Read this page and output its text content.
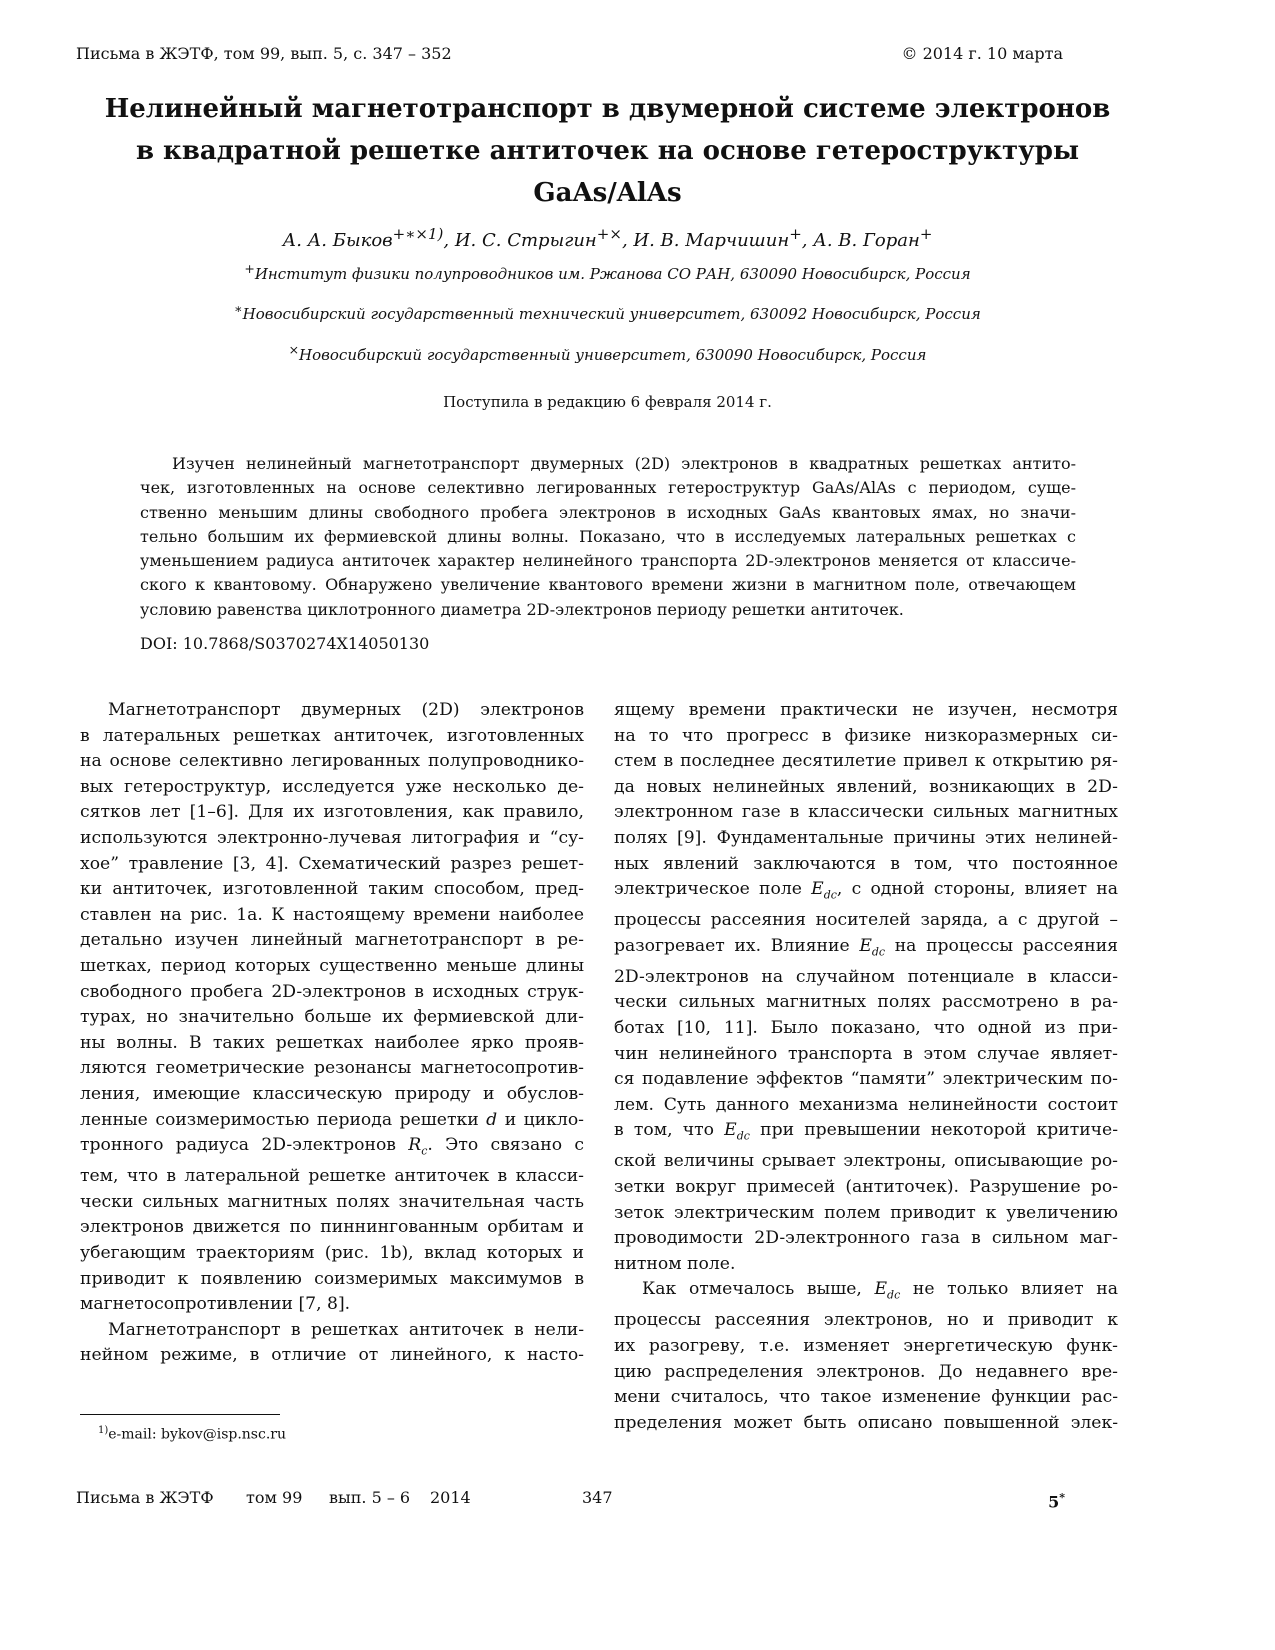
Письма в ЖЭТФ, том 99, вып. 5, с. 347 – 352	© 2014 г. 10 марта
Нелинейный магнетотранспорт в двумерной системе электронов
в квадратной решетке антиточек на основе гетероструктуры
GaAs/AlAs
А. А. Быков$^{+∗\times 1)}$, И. С. Стрыгин+×, И. В. Марчишин+, А. В. Горан+
+Институт физики полупроводников им. Ржанова СО РАН, 630090 Новосибирск, Россия
∗Новосибирский государственный технический университет, 630092 Новосибирск, Россия
×Новосибирский государственный университет, 630090 Новосибирск, Россия
Поступила в редакцию 6 февраля 2014 г.
Изучен нелинейный магнетотранспорт двумерных (2D) электронов в квадратных решетках антито-
чек, изготовленных на основе селективно легированных гетероструктур GaAs/AlAs с периодом, суще-
ственно меньшим длины свободного пробега электронов в исходных GaAs квантовых ямах, но значи-
тельно большим их фермиевской длины волны. Показано, что в исследуемых латеральных решетках с
уменьшением радиуса антиточек характер нелинейного транспорта 2D-электронов меняется от классиче-
ского к квантовому. Обнаружено увеличение квантового времени жизни в магнитном поле, отвечающем
условию равенства циклотронного диаметра 2D-электронов периоду решетки антиточек.
DOI: 10.7868/S0370274X14050130
Магнетотранспорт двумерных (2D) электронов
в латеральных решетках антиточек, изготовленных
на основе селективно легированных полупроводнико-
вых гетероструктур, исследуется уже несколько де-
сятков лет [1–6]. Для их изготовления, как правило,
используются электронно-лучевая литография и “су-
хое” травление [3, 4]. Схематический разрез решет-
ки антиточек, изготовленной таким способом, пред-
ставлен на рис. 1a. К настоящему времени наиболее
детально изучен линейный магнетотранспорт в ре-
шетках, период которых существенно меньше длины
свободного пробега 2D-электронов в исходных струк-
турах, но значительно больше их фермиевской дли-
ны волны. В таких решетках наиболее ярко прояв-
ляются геометрические резонансы магнетосопротив-
ления, имеющие классическую природу и обуслов-
ленные соизмеримостью периода решетки d и цикло-
тронного радиуса 2D-электронов $R_c$. Это связано с
тем, что в латеральной решетке антиточек в класси-
чески сильных магнитных полях значительная часть
электронов движется по пиннингованным орбитам и
убегающим траекториям (рис. 1b), вклад которых и
приводит к появлению соизмеримых максимумов в
магнетосопротивлении [7, 8].
Магнетотранспорт в решетках антиточек в нели-
нейном режиме, в отличие от линейного, к насто-
ящему времени практически не изучен, несмотря
на то что прогресс в физике низкоразмерных си-
стем в последнее десятилетие привел к открытию ря-
да новых нелинейных явлений, возникающих в 2D-
электронном газе в классически сильных магнитных
полях [9]. Фундаментальные причины этих нелиней-
ных явлений заключаются в том, что постоянное
электрическое поле $E_{dc}$, с одной стороны, влияет на
процессы рассеяния носителей заряда, а с другой –
разогревает их. Влияние $E_{dc}$ на процессы рассеяния
2D-электронов на случайном потенциале в класси-
чески сильных магнитных полях рассмотрено в ра-
ботах [10, 11]. Было показано, что одной из при-
чин нелинейного транспорта в этом случае являет-
ся подавление эффектов “памяти” электрическим по-
лем. Суть данного механизма нелинейности состоит
в том, что $E_{dc}$ при превышении некоторой критиче-
ской величины срывает электроны, описывающие ро-
зетки вокруг примесей (антиточек). Разрушение ро-
зеток электрическим полем приводит к увеличению
проводимости 2D-электронного газа в сильном маг-
нитном поле.
Как отмечалось выше, $E_{dc}$ не только влияет на
процессы рассеяния электронов, но и приводит к
их разогреву, т.е. изменяет энергетическую функ-
цию распределения электронов. До недавнего вре-
мени считалось, что такое изменение функции рас-
пределения может быть описано повышенной элек-
$^{1)}$e-mail: bykov@isp.nsc.ru
Письма в ЖЭТФ том 99 вып. 5 – 6 2014	347	5*
